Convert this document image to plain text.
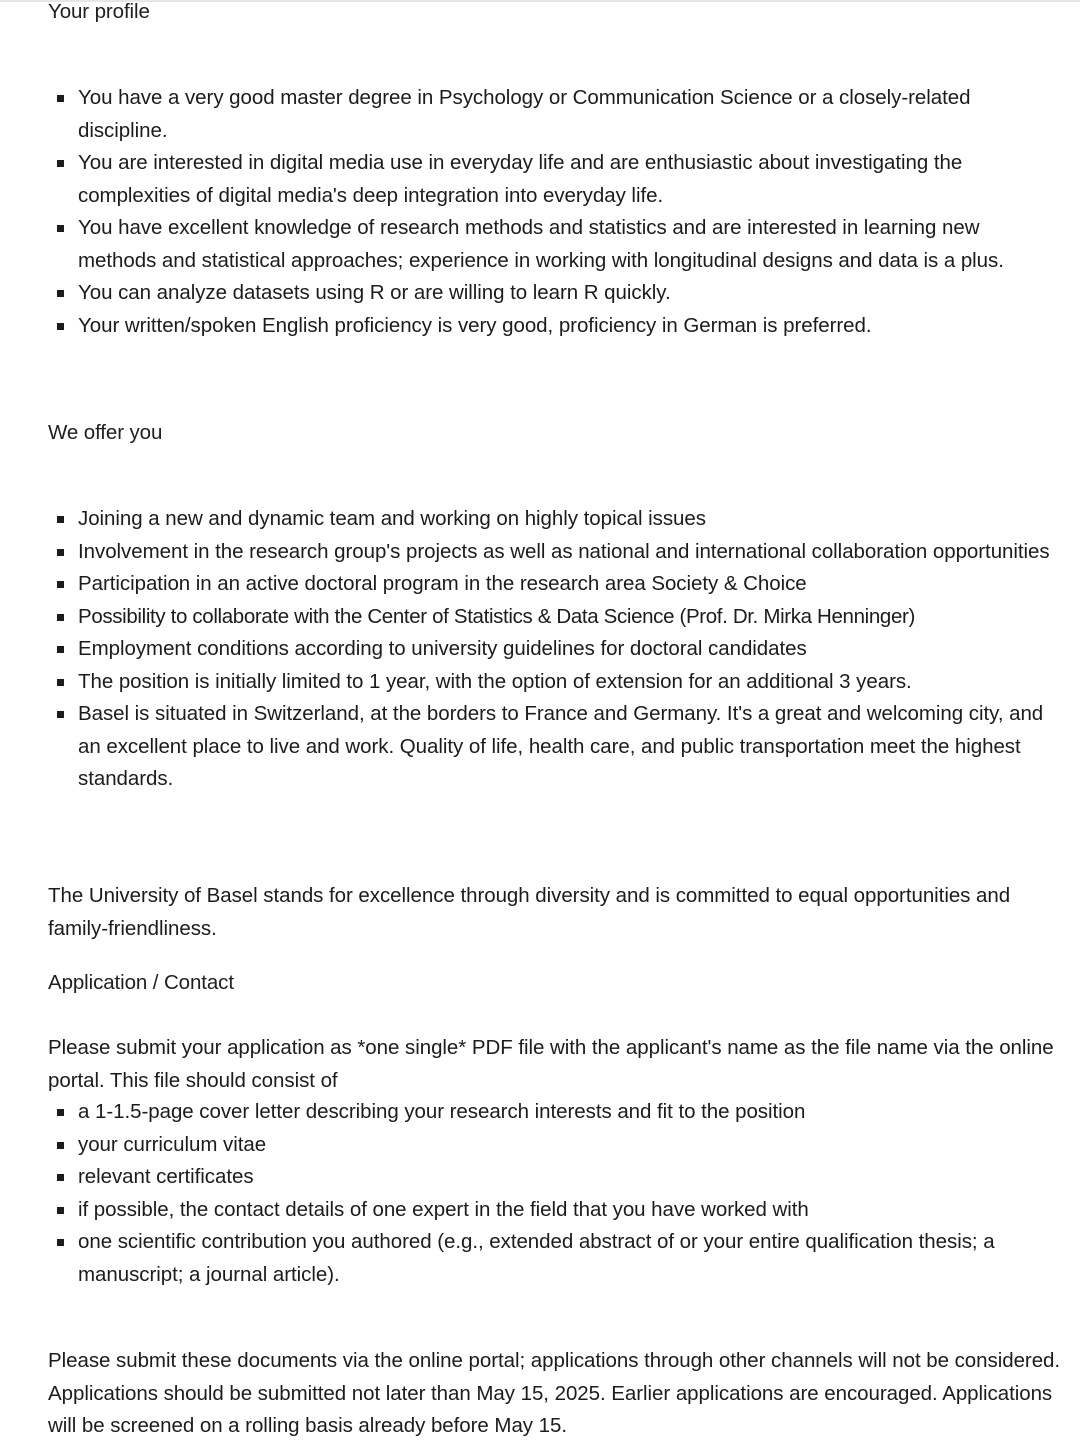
Your profile
You have a very good master degree in Psychology or Communication Science or a closely-related discipline.
You are interested in digital media use in everyday life and are enthusiastic about investigating the complexities of digital media's deep integration into everyday life.
You have excellent knowledge of research methods and statistics and are interested in learning new methods and statistical approaches; experience in working with longitudinal designs and data is a plus.
You can analyze datasets using R or are willing to learn R quickly.
Your written/spoken English proficiency is very good, proficiency in German is preferred.
We offer you
Joining a new and dynamic team and working on highly topical issues
Involvement in the research group's projects as well as national and international collaboration opportunities
Participation in an active doctoral program in the research area Society & Choice
Possibility to collaborate with the Center of Statistics & Data Science (Prof. Dr. Mirka Henninger)
Employment conditions according to university guidelines for doctoral candidates
The position is initially limited to 1 year, with the option of extension for an additional 3 years.
Basel is situated in Switzerland, at the borders to France and Germany. It's a great and welcoming city, and an excellent place to live and work. Quality of life, health care, and public transportation meet the highest standards.
The University of Basel stands for excellence through diversity and is committed to equal opportunities and family-friendliness.
Application / Contact
Please submit your application as *one single* PDF file with the applicant's name as the file name via the online portal. This file should consist of
a 1-1.5-page cover letter describing your research interests and fit to the position
your curriculum vitae
relevant certificates
if possible, the contact details of one expert in the field that you have worked with
one scientific contribution you authored (e.g., extended abstract of or your entire qualification thesis; a manuscript; a journal article).
Please submit these documents via the online portal; applications through other channels will not be considered. Applications should be submitted not later than May 15, 2025. Earlier applications are encouraged. Applications will be screened on a rolling basis already before May 15.
